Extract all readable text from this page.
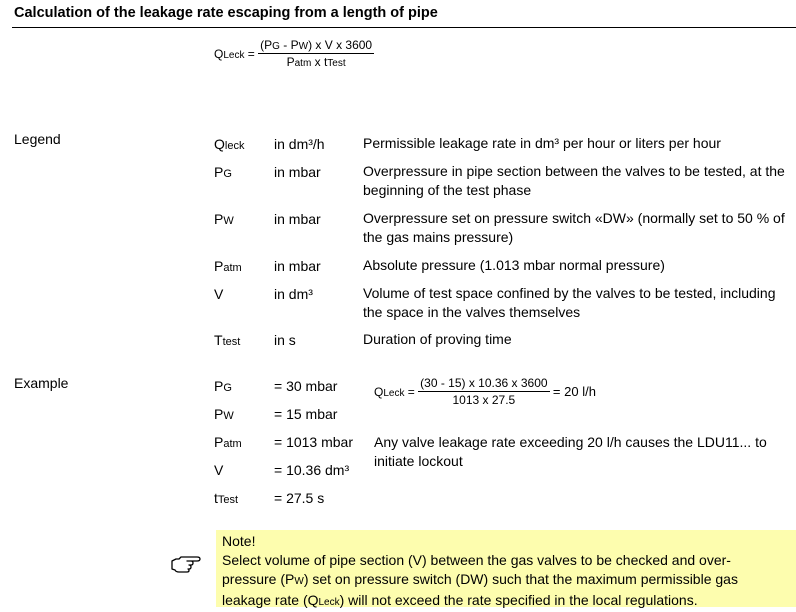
Calculation of the leakage rate escaping from a length of pipe
QLeck = $\frac{\text{(PG - PW) x V x 3600}}{\text{Patm x tTest}}$
Legend	Qleck in dm³/h	Permissible leakage rate in dm³ per hour or liters per hour
PG	in mbar	Overpressure in pipe section between the valves to be tested, at the beginning of the test phase
PW	in mbar	Overpressure set on pressure switch «DW» (normally set to 50 % of the gas mains pressure)
Patm in mbar	Absolute pressure (1.013 mbar normal pressure)
V	in dm³	Volume of test space confined by the valves to be tested, including the space in the valves themselves
Ttest in s	Duration of proving time
Example	PG	= 30 mbar
PW	= 15 mbar
Patm = 1013 mbar
V	= 10.36 dm³
tTest	= 27.5 s
QLeck = $\frac{(30 - 15) x 10.36 x 3600}{1013 x 27.5} = 20$ l/h
Any valve leakage rate exceeding 20 l/h causes the LDU11... to initiate lockout
Note!
Select volume of pipe section (V) between the gas valves to be checked and over-
pressure (PW) set on pressure switch (DW) such that the maximum permissible gas
leakage rate (QLeck) will not exceed the rate specified in the local regulations.
